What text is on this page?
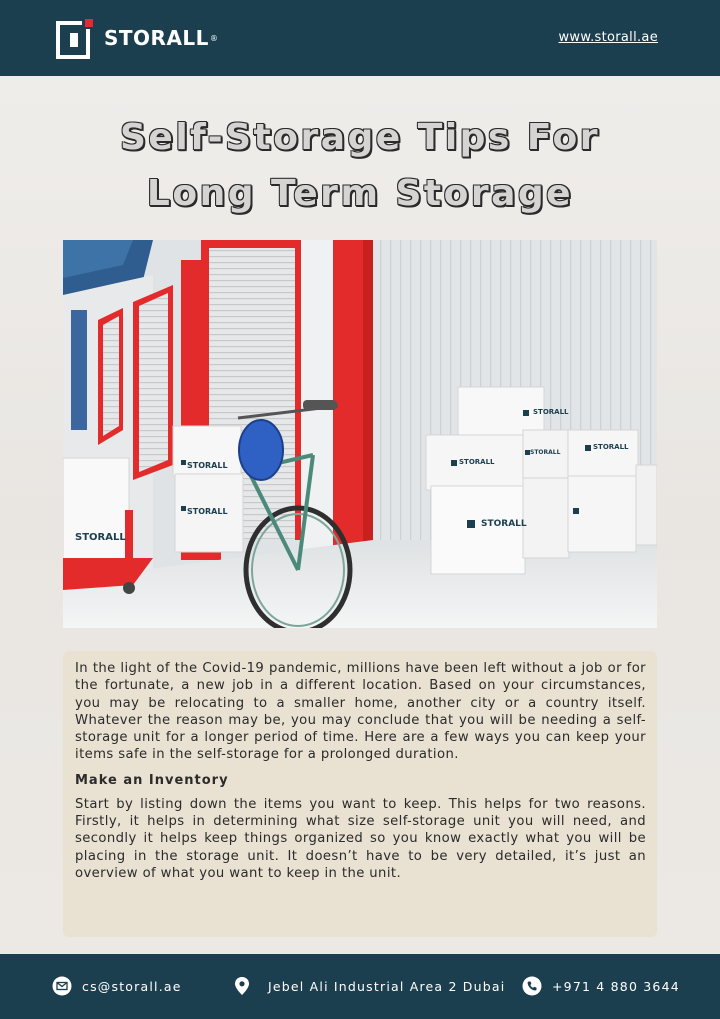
STORALL ®	www.storall.ae
Self-Storage Tips For
Long Term Storage
STORALL
STORALL
STORALL
STORALL
STORALL
STORALL
STORALL
STORALL

In the light of the Covid-19 pandemic, millions have been left without a job or for the fortunate, a new job in a different location. Based on your circumstances, you may be relocating to a smaller home, another city or a country itself. Whatever the reason may be, you may conclude that you will be needing a self-storage unit for a longer period of time. Here are a few ways you can keep your items safe in the self-storage for a prolonged duration.

Make an Inventory

Start by listing down the items you want to keep. This helps for two reasons. Firstly, it helps in determining what size self-storage unit you will need, and secondly it helps keep things organized so you know exactly what you will be placing in the storage unit. It doesn’t have to be very detailed, it’s just an overview of what you want to keep in the unit.

cs@storall.ae	Jebel Ali Industrial Area 2 Dubai	+971 4 880 3644
